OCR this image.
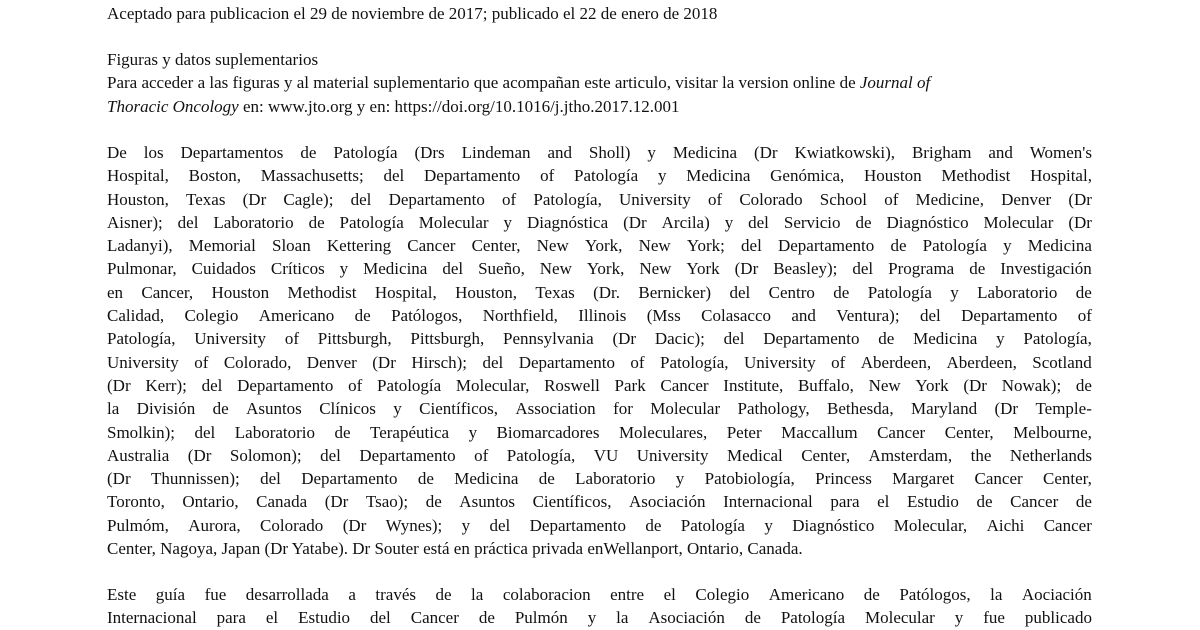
Aceptado para publicacion el 29 de noviembre de 2017; publicado el 22 de enero de 2018

Figuras y datos suplementarios

Para acceder a las figuras y al material suplementario que acompañan este articulo, visitar la version online de Journal of

Thoracic Oncology en: www.jto.org y en: https://doi.org/10.1016/j.jtho.2017.12.001

De los Departamentos de Patología (Drs Lindeman and Sholl) y Medicina (Dr Kwiatkowski), Brigham and Women's

Hospital, Boston, Massachusetts; del Departamento of Patología y Medicina Genómica, Houston Methodist Hospital,

Houston, Texas (Dr Cagle); del Departamento of Patología, University of Colorado School of Medicine, Denver (Dr

Aisner); del Laboratorio de Patología Molecular y Diagnóstica (Dr Arcila) y del Servicio de Diagnóstico Molecular (Dr

Ladanyi), Memorial Sloan Kettering Cancer Center, New York, New York; del Departamento de Patología y Medicina

Pulmonar, Cuidados Críticos y Medicina del Sueño, New York, New York (Dr Beasley); del Programa de Investigación

en Cancer, Houston Methodist Hospital, Houston, Texas (Dr. Bernicker) del Centro de Patología y Laboratorio de

Calidad, Colegio Americano de Patólogos, Northfield, Illinois (Mss Colasacco and Ventura); del Departamento of

Patología, University of Pittsburgh, Pittsburgh, Pennsylvania (Dr Dacic); del Departamento de Medicina y Patología,

University of Colorado, Denver (Dr Hirsch); del Departamento of Patología, University of Aberdeen, Aberdeen, Scotland

(Dr Kerr); del Departamento of Patología Molecular, Roswell Park Cancer Institute, Buffalo, New York (Dr Nowak); de

la División de Asuntos Clínicos y Científicos, Association for Molecular Pathology, Bethesda, Maryland (Dr Temple-

Smolkin); del Laboratorio de Terapéutica y Biomarcadores Moleculares, Peter Maccallum Cancer Center, Melbourne,

Australia (Dr Solomon); del Departamento of Patología, VU University Medical Center, Amsterdam, the Netherlands

(Dr Thunnissen); del Departamento de Medicina de Laboratorio y Patobiología, Princess Margaret Cancer Center,

Toronto, Ontario, Canada (Dr Tsao); de Asuntos Científicos, Asociación Internacional para el Estudio de Cancer de

Pulmóm, Aurora, Colorado (Dr Wynes); y del Departamento de Patología y Diagnóstico Molecular, Aichi Cancer

Center, Nagoya, Japan (Dr Yatabe). Dr Souter está en práctica privada enWellanport, Ontario, Canada.

Este guía fue desarrollada a través de la colaboracion entre el Colegio Americano de Patólogos, la Aociación

Internacional para el Estudio del Cancer de Pulmón y la Asociación de Patología Molecular y fue publicado
